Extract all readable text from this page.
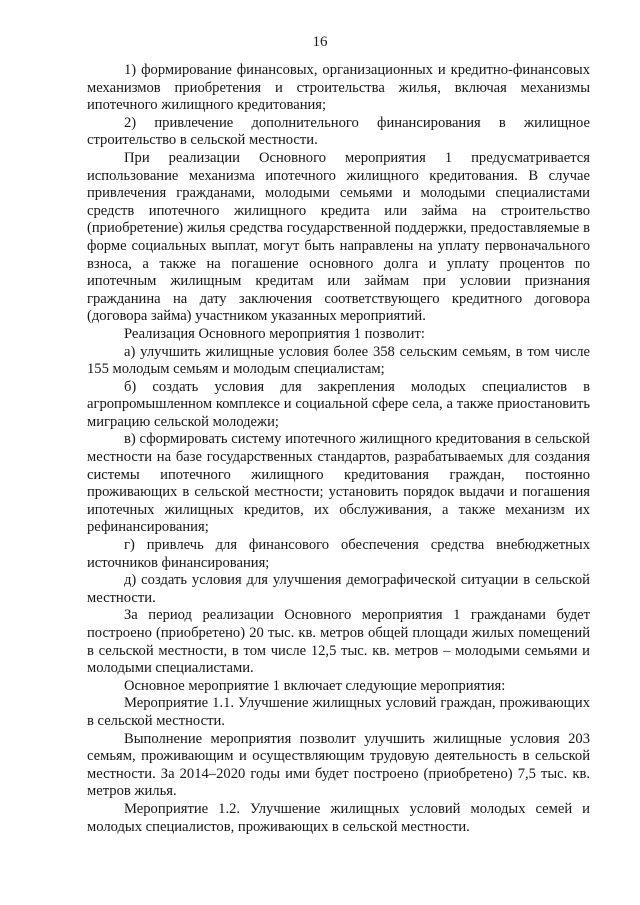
16

1) формирование финансовых, организационных и кредитно-финансовых механизмов приобретения и строительства жилья, включая механизмы ипотечного жилищного кредитования;

2) привлечение дополнительного финансирования в жилищное строительство в сельской местности.

При реализации Основного мероприятия 1 предусматривается использование механизма ипотечного жилищного кредитования. В случае привлечения гражданами, молодыми семьями и молодыми специалистами средств ипотечного жилищного кредита или займа на строительство (приобретение) жилья средства государственной поддержки, предоставляемые в форме социальных выплат, могут быть направлены на уплату первоначального взноса, а также на погашение основного долга и уплату процентов по ипотечным жилищным кредитам или займам при условии признания гражданина на дату заключения соответствующего кредитного договора (договора займа) участником указанных мероприятий.

Реализация Основного мероприятия 1 позволит:

а) улучшить жилищные условия более 358 сельским семьям, в том числе 155 молодым семьям и молодым специалистам;

б) создать условия для закрепления молодых специалистов в агропромышленном комплексе и социальной сфере села, а также приостановить миграцию сельской молодежи;

в) сформировать систему ипотечного жилищного кредитования в сельской местности на базе государственных стандартов, разрабатываемых для создания системы ипотечного жилищного кредитования граждан, постоянно проживающих в сельской местности; установить порядок выдачи и погашения ипотечных жилищных кредитов, их обслуживания, а также механизм их рефинансирования;

г) привлечь для финансового обеспечения средства внебюджетных источников финансирования;

д) создать условия для улучшения демографической ситуации в сельской местности.

За период реализации Основного мероприятия 1 гражданами будет построено (приобретено) 20 тыс. кв. метров общей площади жилых помещений в сельской местности, в том числе 12,5 тыс. кв. метров – молодыми семьями и молодыми специалистами.

Основное мероприятие 1 включает следующие мероприятия:

Мероприятие 1.1. Улучшение жилищных условий граждан, проживающих в сельской местности.

Выполнение мероприятия позволит улучшить жилищные условия 203 семьям, проживающим и осуществляющим трудовую деятельность в сельской местности. За 2014–2020 годы ими будет построено (приобретено) 7,5 тыс. кв. метров жилья.

Мероприятие 1.2. Улучшение жилищных условий молодых семей и молодых специалистов, проживающих в сельской местности.
